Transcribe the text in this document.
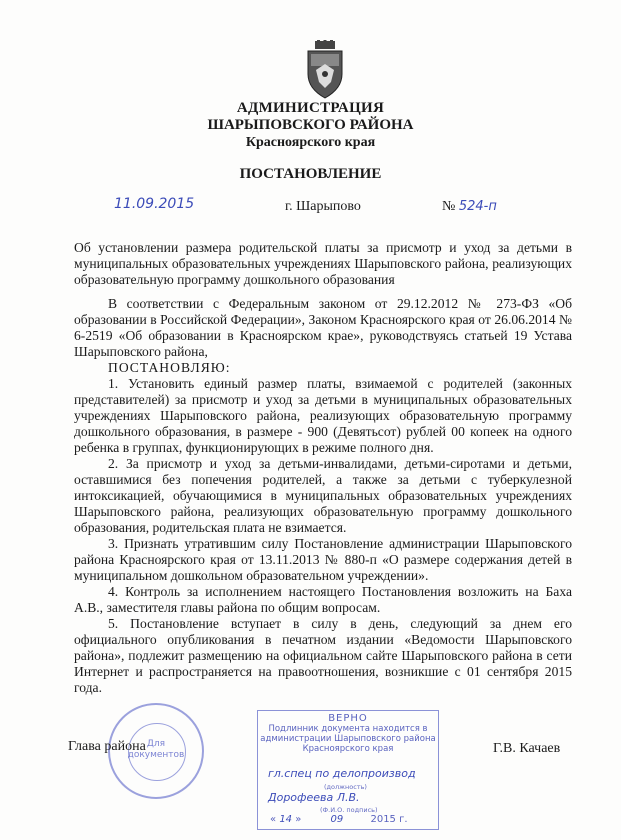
АДМИНИСТРАЦИЯ
ШАРЫПОВСКОГО РАЙОНА
Красноярского края
ПОСТАНОВЛЕНИЕ
11.09.2015	г. Шарыпово	№ 524-п
Об установлении размера родительской платы за присмотр и уход за детьми в муниципальных образовательных учреждениях Шарыповского района, реализующих образовательную программу дошкольного образования

В соответствии с Федеральным законом от 29.12.2012 № 273-ФЗ «Об образовании в Российской Федерации», Законом Красноярского края от 26.06.2014 № 6-2519 «Об образовании в Красноярском крае», руководствуясь статьей 19 Устава Шарыповского района,

ПОСТАНОВЛЯЮ:

1. Установить единый размер платы, взимаемой с родителей (законных представителей) за присмотр и уход за детьми в муниципальных образовательных учреждениях Шарыповского района, реализующих образовательную программу дошкольного образования, в размере - 900 (Девятьсот) рублей 00 копеек на одного ребенка в группах, функционирующих в режиме полного дня.

2. За присмотр и уход за детьми-инвалидами, детьми-сиротами и детьми, оставшимися без попечения родителей, а также за детьми с туберкулезной интоксикацией, обучающимися в муниципальных образовательных учреждениях Шарыповского района, реализующих образовательную программу дошкольного образования, родительская плата не взимается.

3. Признать утратившим силу Постановление администрации Шарыповского района Красноярского края от 13.11.2013 № 880-п «О размере содержания детей в муниципальном дошкольном образовательном учреждении».

4. Контроль за исполнением настоящего Постановления возложить на Баха А.В., заместителя главы района по общим вопросам.

5. Постановление вступает в силу в день, следующий за днем его официального опубликования в печатном издании «Ведомости Шарыповского района», подлежит размещению на официальном сайте Шарыповского района в сети Интернет и распространяется на правоотношения, возникшие с 01 сентября 2015 года.

Для
документов
Глава района	Г.В. Качаев
ВЕРНО
Подлинник документа находится в
администрации Шарыповского района
Красноярского края
гл.спец по делопроизвод
(должность)
Дорофеева Л.В.
(Ф.И.О. подпись)
« 14 »	09	2015 г.
